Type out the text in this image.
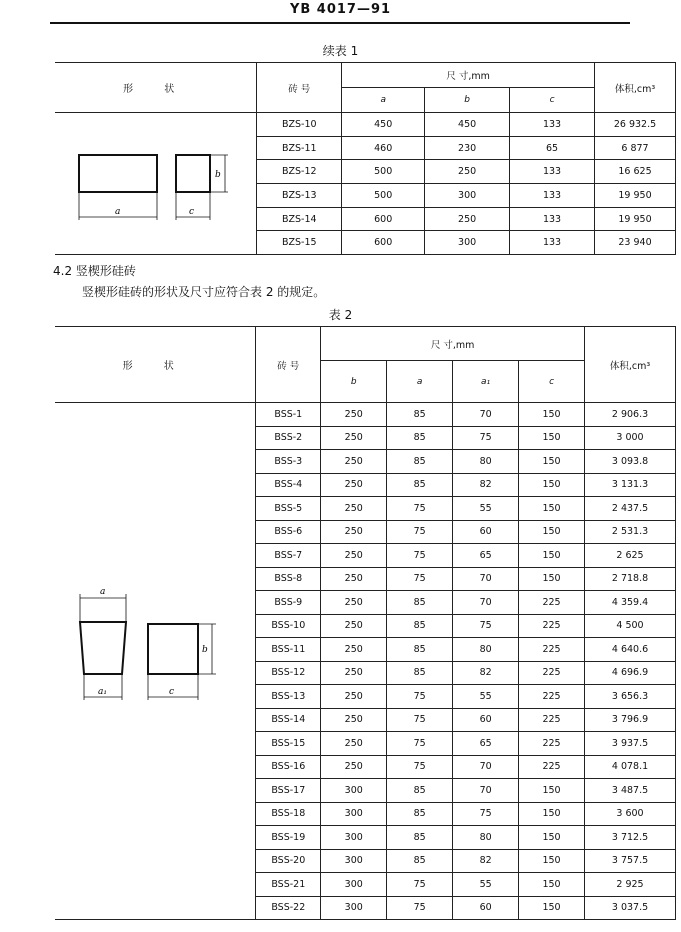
YB 4017—91
续表 1
形 状	砖 号	尺 寸,mm			体积,cm³
		a	b	c	
	BZS-10	450	450	133	26 932.5
	BZS-11	460	230	65	6 877
	BZS-12	500	250	133	16 625
	BZS-13	500	300	133	19 950
	BZS-14	600	250	133	19 950
	BZS-15	600	300	133	23 940
a	c
b
4.2 竖楔形硅砖
竖楔形硅砖的形状及尺寸应符合表 2 的规定。
表 2
形 状	砖 号	尺 寸,mm				体积,cm³
		b	a	a₁	c	
	BSS-1	250	85	70	150	2 906.3
	BSS-2	250	85	75	150	3 000
	BSS-3	250	85	80	150	3 093.8
	BSS-4	250	85	82	150	3 131.3
	BSS-5	250	75	55	150	2 437.5
	BSS-6	250	75	60	150	2 531.3
	BSS-7	250	75	65	150	2 625
	BSS-8	250	75	70	150	2 718.8
	BSS-9	250	85	70	225	4 359.4
	BSS-10	250	85	75	225	4 500
	BSS-11	250	85	80	225	4 640.6
	BSS-12	250	85	82	225	4 696.9
	BSS-13	250	75	55	225	3 656.3
	BSS-14	250	75	60	225	3 796.9
	BSS-15	250	75	65	225	3 937.5
	BSS-16	250	75	70	225	4 078.1
	BSS-17	300	85	70	150	3 487.5
	BSS-18	300	85	75	150	3 600
	BSS-19	300	85	80	150	3 712.5
	BSS-20	300	85	82	150	3 757.5
	BSS-21	300	75	55	150	2 925
	BSS-22	300	75	60	150	3 037.5
a
a₁	c
b
